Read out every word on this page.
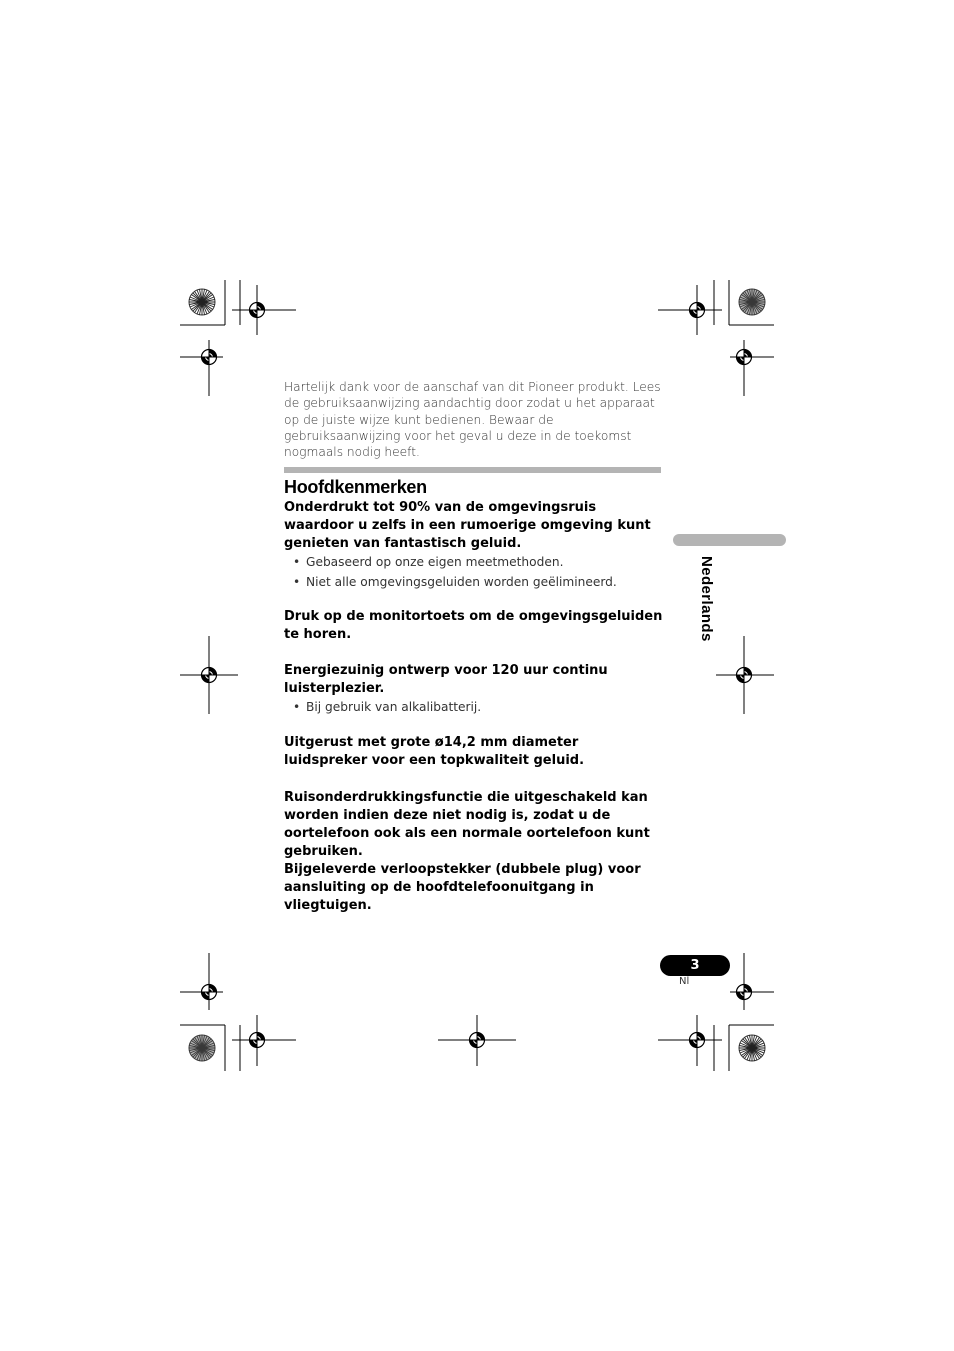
Hartelijk dank voor de aanschaf van dit Pioneer produkt. Lees de gebruiksaanwijzing aandachtig door zodat u het apparaat op de juiste wijze kunt bedienen. Bewaar de gebruiksaanwijzing voor het geval u deze in de toekomst nogmaals nodig heeft.
Hoofdkenmerken
Onderdrukt tot 90% van de omgevingsruis waardoor u zelfs in een rumoerige omgeving kunt genieten van fantastisch geluid.
• Gebaseerd op onze eigen meetmethoden.
• Niet alle omgevingsgeluiden worden geëlimineerd.
Druk op de monitortoets om de omgevingsgeluiden te horen.
Energiezuinig ontwerp voor 120 uur continu luisterplezier.
• Bij gebruik van alkalibatterij.
Uitgerust met grote ø14,2 mm diameter luidspreker voor een topkwaliteit geluid.
Ruisonderdrukkingsfunctie die uitgeschakeld kan worden indien deze niet nodig is, zodat u de oortelefoon ook als een normale oortelefoon kunt gebruiken.
Bijgeleverde verloopstekker (dubbele plug) voor aansluiting op de hoofdtelefoonuitgang in vliegtuigen.
Nederlands
3
Nl
